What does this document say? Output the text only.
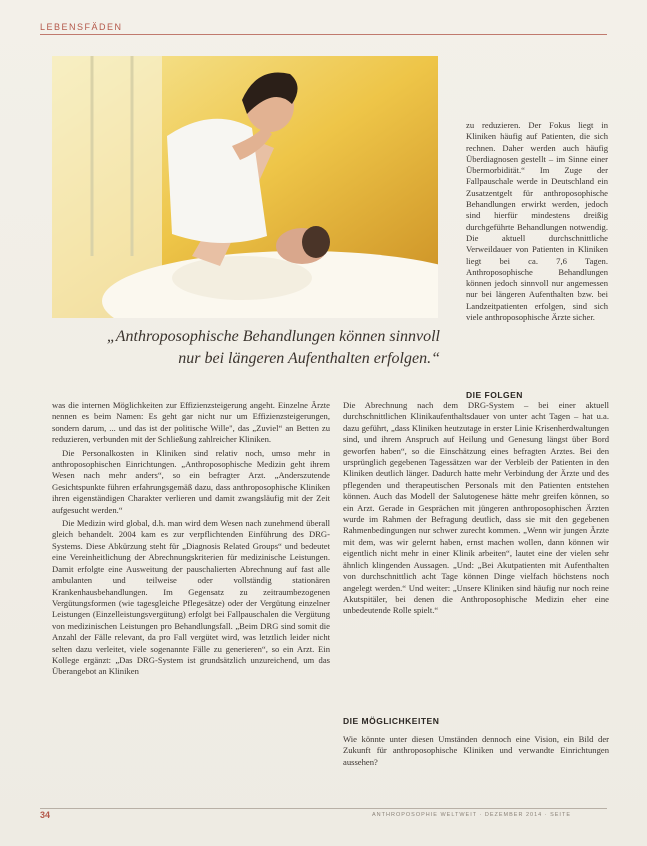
LEBENSFÄDEN
„Anthroposophische Behandlungen können sinnvoll
nur bei längeren Aufenthalten erfolgen.“

zu reduzieren. Der Fokus liegt in Kliniken häufig auf Patienten, die sich rechnen. Daher werden auch häufig Überdiagnosen gestellt – im Sinne einer Übermorbidität.“ Im Zuge der Fallpauschale werde in Deutschland ein Zusatzentgelt für anthroposophische Behandlungen erwirkt werden, jedoch sind hierfür mindestens dreißig durchgeführte Behandlungen notwendig. Die aktuell durchschnittliche Verweildauer von Patienten in Kliniken liegt bei ca. 7,6 Tagen. Anthroposophische Behandlungen können jedoch sinnvoll nur angemessen nur bei längeren Aufenthalten bzw. bei Landzeitpatienten erfolgen, sind sich viele anthroposophische Ärzte sicher.

DIE FOLGEN

was die internen Möglichkeiten zur Effizienzsteigerung angeht. Einzelne Ärzte nennen es beim Namen: Es geht gar nicht nur um Effizienzsteigerungen, sondern darum, ... und das ist der politische Wille", das „Zuviel“ an Betten zu reduzieren, verbunden mit der Schließung zahlreicher Kliniken.

Die Personalkosten in Kliniken sind relativ noch, umso mehr in anthroposophischen Einrichtungen. „Anthroposophische Medizin geht ihrem Wesen nach mehr anders“, so ein befragter Arzt. „Anderszutende Gesichtspunkte führen erfahrungsgemäß dazu, dass anthroposophische Kliniken ihren eigenständigen Charakter verlieren und damit zwangsläufig mit der Zeit aufgesucht werden.“

Die Medizin wird global, d.h. man wird dem Wesen nach zunehmend überall gleich behandelt. 2004 kam es zur verpflichtenden Einführung des DRG-Systems. Diese Abkürzung steht für „Diagnosis Related Groups“ und bedeutet eine Vereinheitlichung der Abrechnungskriterien für medizinische Leistungen. Damit erfolgte eine Ausweitung der pauschalierten Abrechnung auf fast alle ambulanten und teilweise oder vollständig stationären Krankenhausbehandlungen. Im Gegensatz zu zeitraumbezogenen Vergütungsformen (wie tagesgleiche Pflegesätze) oder der Vergütung einzelner Leistungen (Einzelleistungsvergütung) erfolgt bei Fallpauschalen die Vergütung von medizinischen Leistungen pro Behandlungsfall. „Beim DRG sind somit die Anzahl der Fälle relevant, da pro Fall vergütet wird, was letztlich leider nicht selten dazu verleitet, viele sogenannte Fälle zu generieren“, so ein Arzt. Ein Kollege ergänzt: „Das DRG-System ist grundsätzlich unzureichend, um das Überangebot an Kliniken

Die Abrechnung nach dem DRG-System – bei einer aktuell durchschnittlichen Klinikaufenthaltsdauer von unter acht Tagen – hat u.a. dazu geführt, „dass Kliniken heutzutage in erster Linie Krisenherdwaltungen sind, und ihrem Anspruch auf Heilung und Genesung längst über Bord geworfen haben“, so die Einschätzung eines befragten Arztes. Bei den ursprünglich gegebenen Tagessätzen war der Verbleib der Patienten in den Kliniken deutlich länger. Dadurch hatte mehr Verbindung der Ärzte und des pflegenden und therapeutischen Personals mit den Patienten entstehen können. Auch das Modell der Salutogenese hätte mehr greifen können, so ein Arzt. Gerade in Gesprächen mit jüngeren anthroposophischen Ärzten wurde im Rahmen der Befragung deutlich, dass sie mit den gegebenen Rahmenbedingungen nur schwer zurecht kommen. „Wenn wir jungen Ärzte mit dem, was wir gelernt haben, ernst machen wollen, dann können wir eigentlich nicht mehr in einer Klinik arbeiten“, lautet eine der vielen sehr ähnlich klingenden Aussagen. „Und: „Bei Akutpatienten mit Aufenthalten von durchschnittlich acht Tage können Dinge vielfach höchstens noch angelegt werden.“ Und weiter: „Unsere Kliniken sind häufig nur noch reine Akutspitäler, bei denen die Anthroposophische Medizin eher eine unbedeutende Rolle spielt.“

DIE MÖGLICHKEITEN

Wie könnte unter diesen Umständen dennoch eine Vision, ein Bild der Zukunft für anthroposophische Kliniken und verwandte Einrichtungen aussehen?

34	ANTHROPOSOPHIE WELTWEIT · DEZEMBER 2014 · SEITE
